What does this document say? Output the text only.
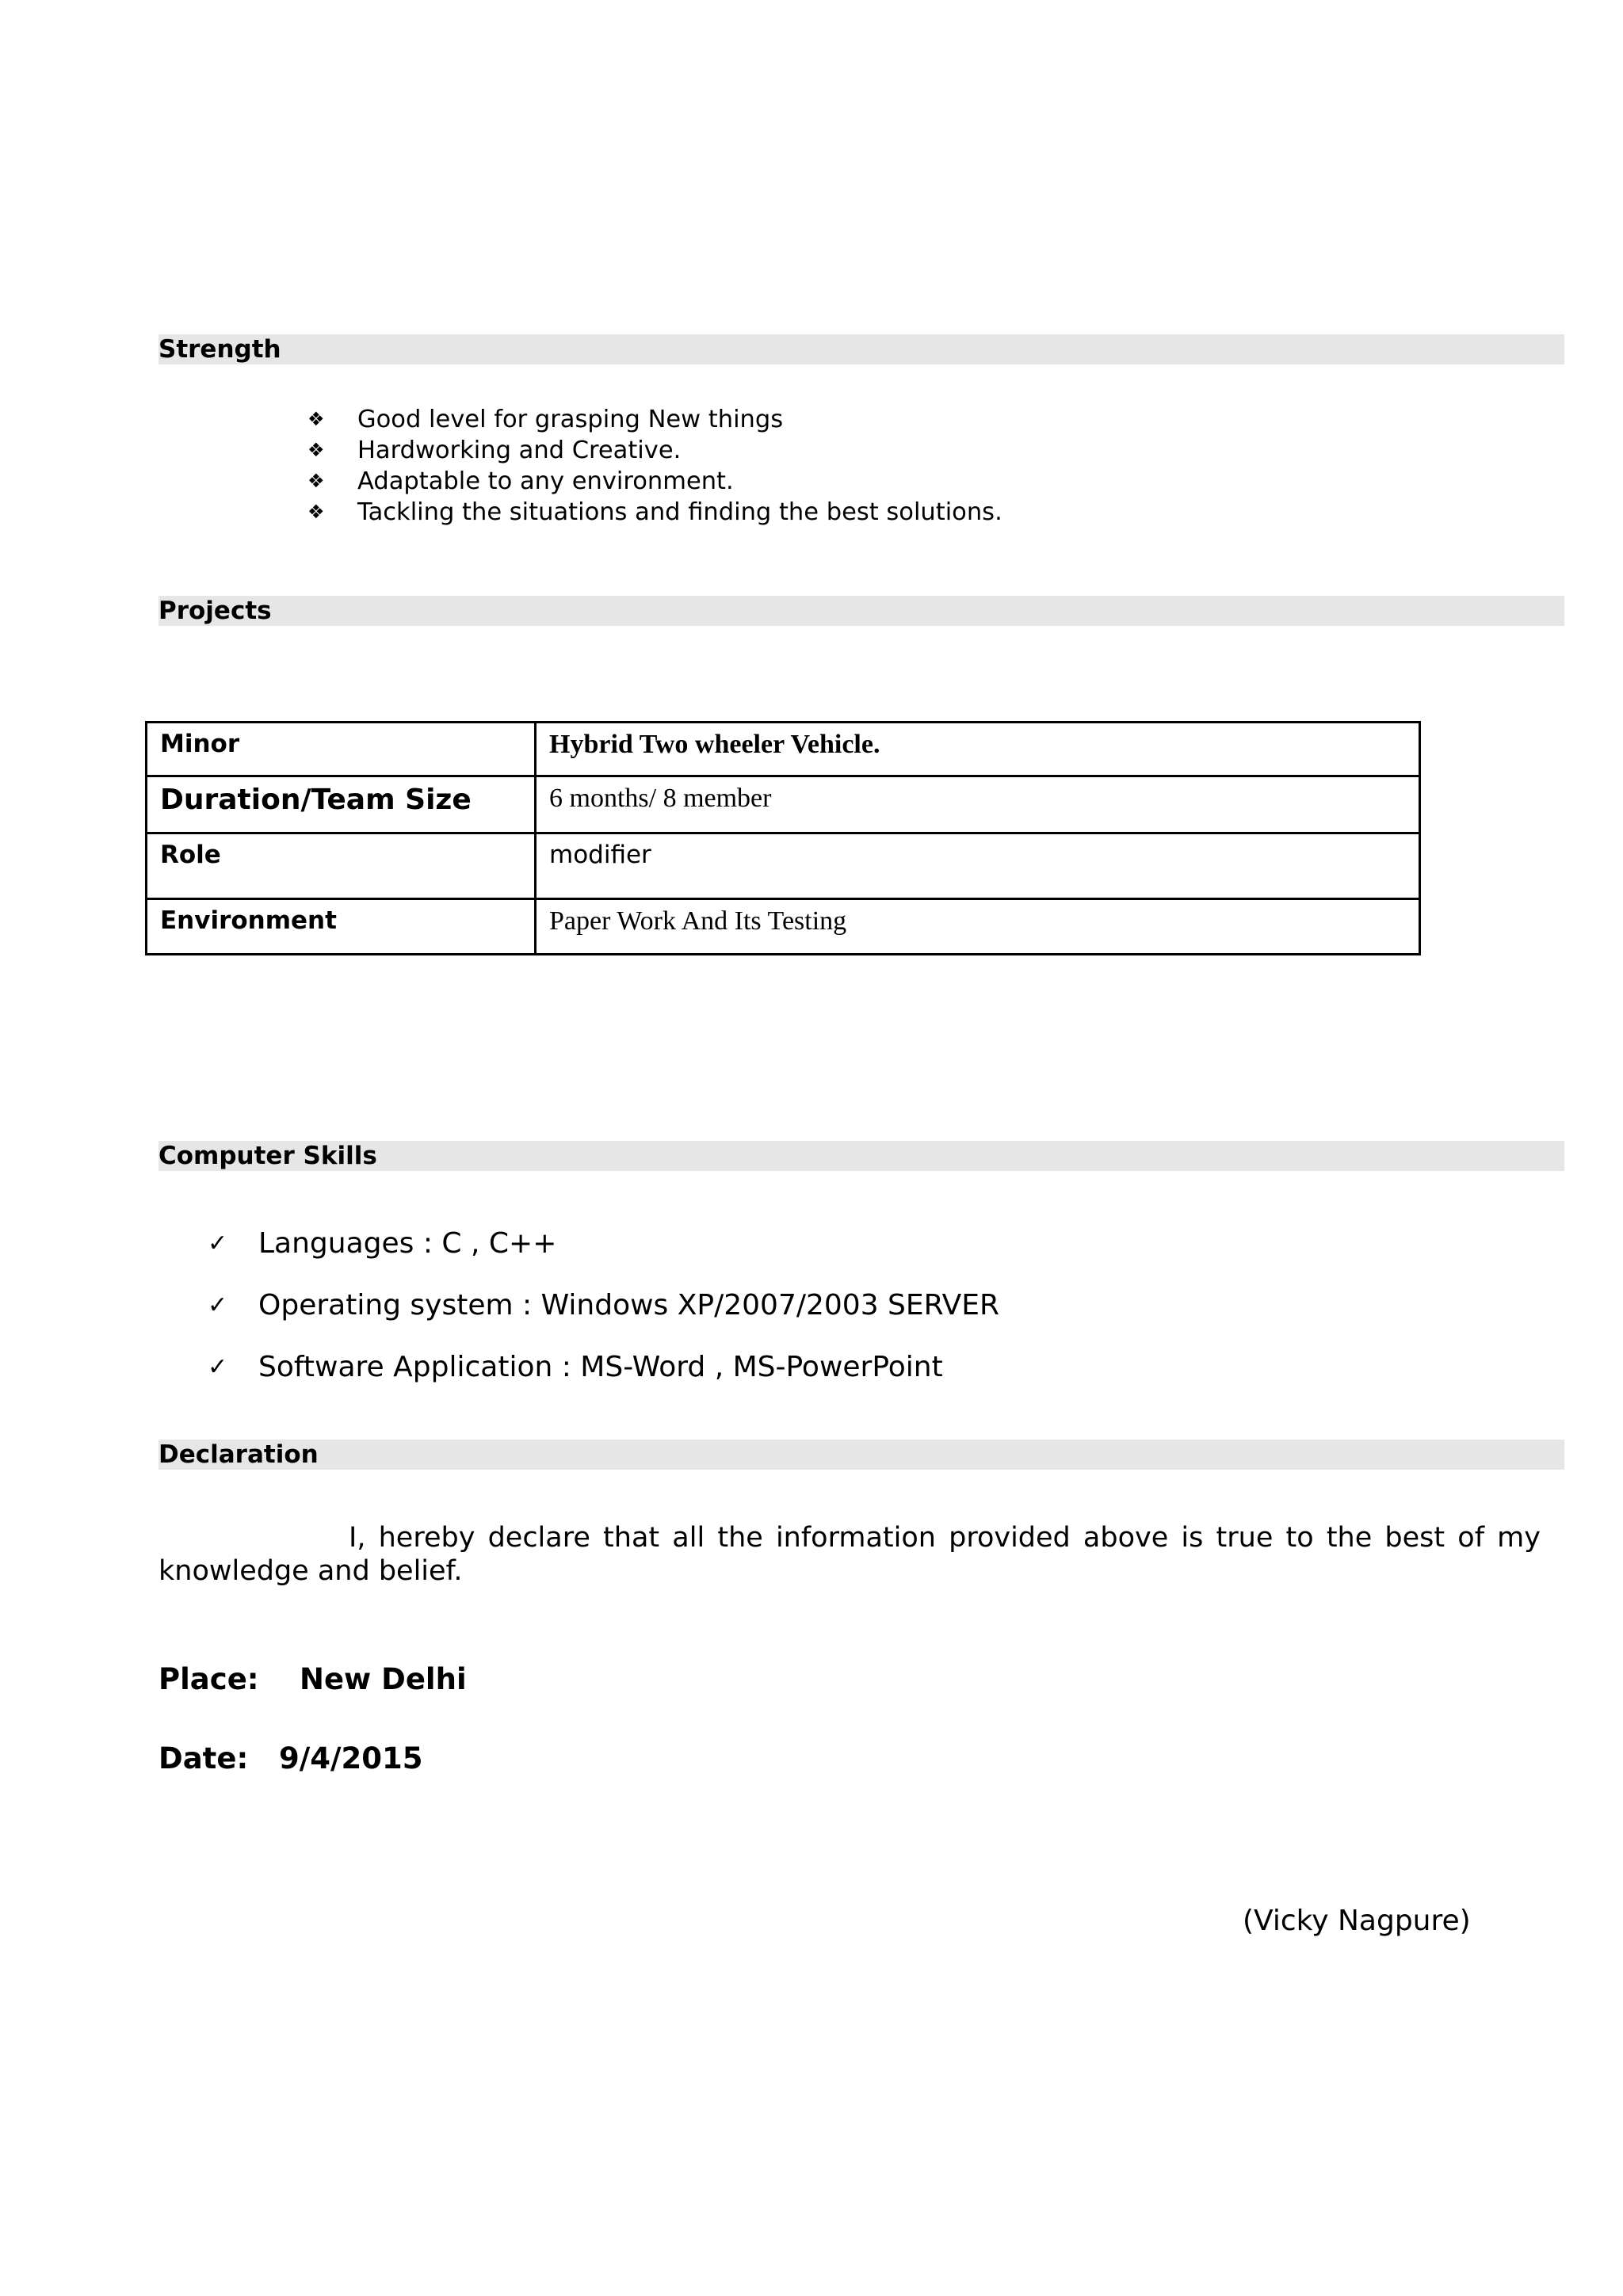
Strength
❖ Good level for grasping New things
❖ Hardworking and Creative.
❖ Adaptable to any environment.
❖ Tackling the situations and finding the best solutions.
Projects
Minor	Hybrid Two wheeler Vehicle.
Duration/Team Size	6 months/ 8 member
Role	modifier
Environment	Paper Work And Its Testing
Computer Skills
✓ Languages : C , C++
✓ Operating system : Windows XP/2007/2003 SERVER
✓ Software Application : MS-Word , MS-PowerPoint
Declaration
I, hereby declare that all the information provided above is true to the best of my knowledge and belief.
Place: New Delhi
Date: 9/4/2015
(Vicky Nagpure)
